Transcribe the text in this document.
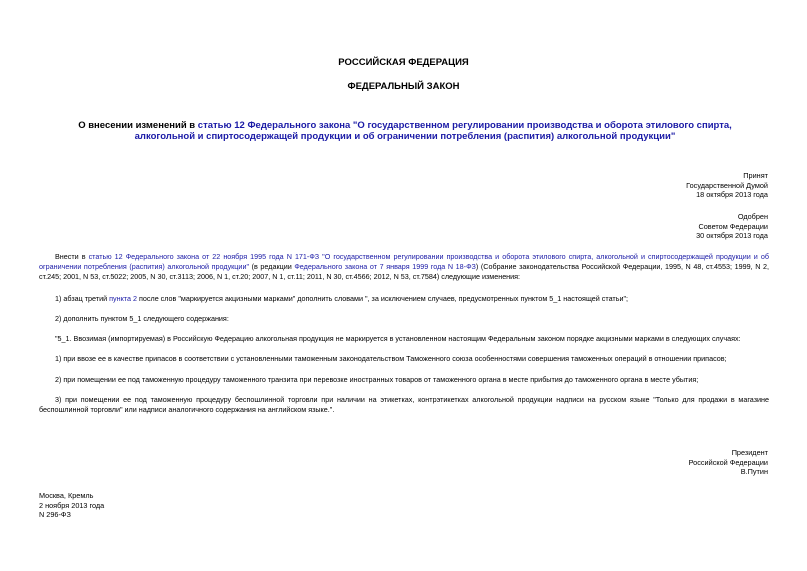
РОССИЙСКАЯ ФЕДЕРАЦИЯ
ФЕДЕРАЛЬНЫЙ ЗАКОН
О внесении изменений в статью 12 Федерального закона "О государственном регулировании производства и оборота этилового спирта, алкогольной и спиртосодержащей продукции и об ограничении потребления (распития) алкогольной продукции"
Принят
Государственной Думой
18 октября 2013 года
Одобрен
Советом Федерации
30 октября 2013 года
Внести в статью 12 Федерального закона от 22 ноября 1995 года N 171-ФЗ "О государственном регулировании производства и оборота этилового спирта, алкогольной и спиртосодержащей продукции и об ограничении потребления (распития) алкогольной продукции" (в редакции Федерального закона от 7 января 1999 года N 18-ФЗ) (Собрание законодательства Российской Федерации, 1995, N 48, ст.4553; 1999, N 2, ст.245; 2001, N 53, ст.5022; 2005, N 30, ст.3113; 2006, N 1, ст.20; 2007, N 1, ст.11; 2011, N 30, ст.4566; 2012, N 53, ст.7584) следующие изменения:
1) абзац третий пункта 2 после слов "маркируется акцизными марками" дополнить словами ", за исключением случаев, предусмотренных пунктом 5_1 настоящей статьи";
2) дополнить пунктом 5_1 следующего содержания:
"5_1. Ввозимая (импортируемая) в Российскую Федерацию алкогольная продукция не маркируется в установленном настоящим Федеральным законом порядке акцизными марками в следующих случаях:
1) при ввозе ее в качестве припасов в соответствии с установленными таможенным законодательством Таможенного союза особенностями совершения таможенных операций в отношении припасов;
2) при помещении ее под таможенную процедуру таможенного транзита при перевозке иностранных товаров от таможенного органа в месте прибытия до таможенного органа в месте убытия;
3) при помещении ее под таможенную процедуру беспошлинной торговли при наличии на этикетках, контрэтикетках алкогольной продукции надписи на русском языке "Только для продажи в магазине беспошлинной торговли" или надписи аналогичного содержания на английском языке.".
Президент
Российской Федерации
В.Путин
Москва, Кремль
2 ноября 2013 года
N 296-ФЗ
